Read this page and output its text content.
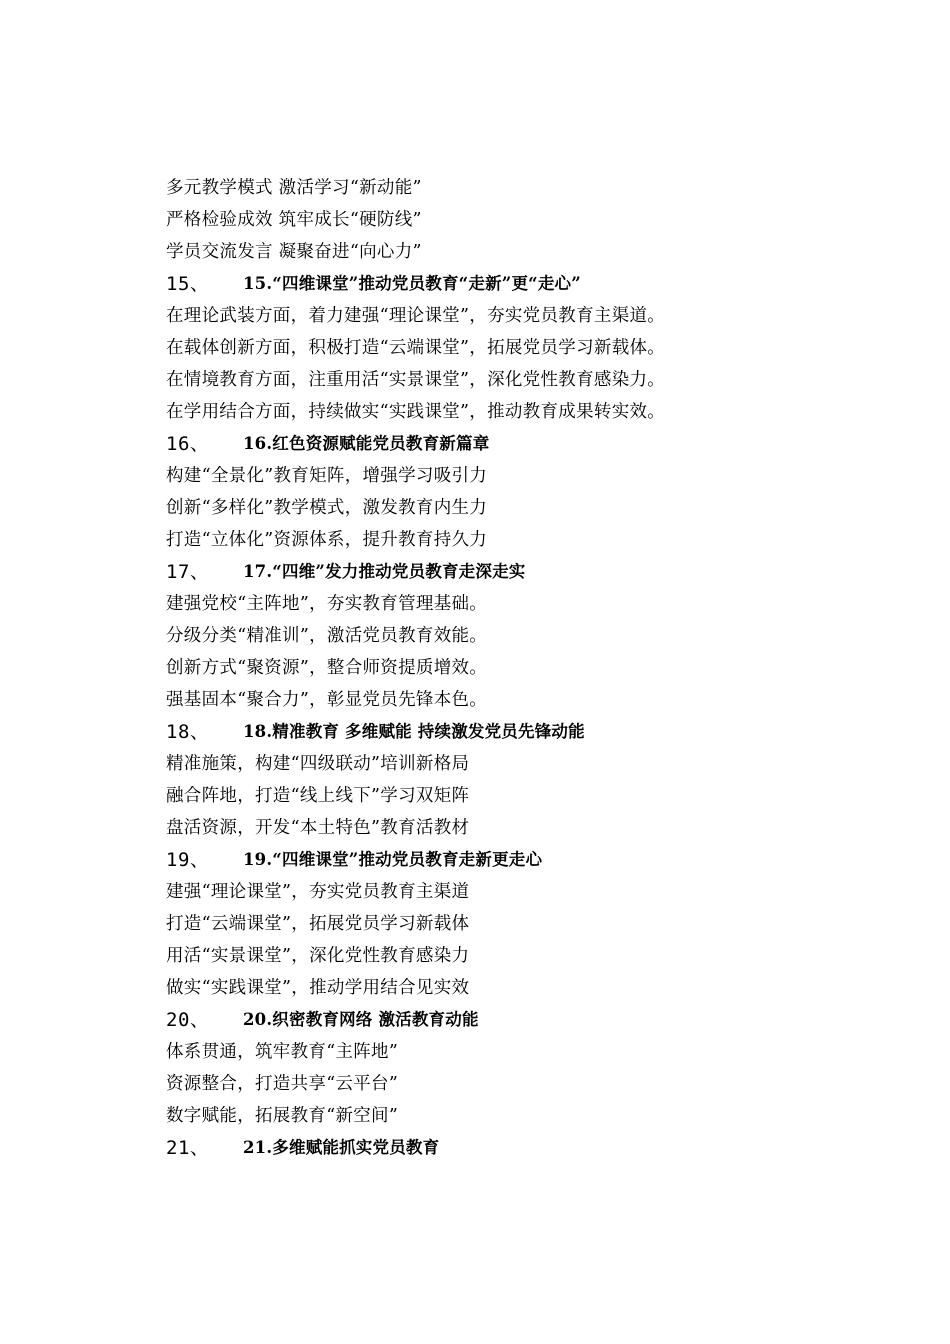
多元教学模式 激活学习“新动能”
严格检验成效 筑牢成长“硬防线”
学员交流发言 凝聚奋进“向心力”
15、	15.“四维课堂”推动党员教育“走新”更“走心”
在理论武装方面，着力建强“理论课堂”，夯实党员教育主渠道。
在载体创新方面，积极打造“云端课堂”，拓展党员学习新载体。
在情境教育方面，注重用活“实景课堂”，深化党性教育感染力。
在学用结合方面，持续做实“实践课堂”，推动教育成果转实效。
16、	16.红色资源赋能党员教育新篇章
构建“全景化”教育矩阵，增强学习吸引力
创新“多样化”教学模式，激发教育内生力
打造“立体化”资源体系，提升教育持久力
17、	17.“四维”发力推动党员教育走深走实
建强党校“主阵地”，夯实教育管理基础。
分级分类“精准训”，激活党员教育效能。
创新方式“聚资源”，整合师资提质增效。
强基固本“聚合力”，彰显党员先锋本色。
18、	18.精准教育 多维赋能 持续激发党员先锋动能
精准施策，构建“四级联动”培训新格局
融合阵地，打造“线上线下”学习双矩阵
盘活资源，开发“本土特色”教育活教材
19、	19.“四维课堂”推动党员教育走新更走心
建强“理论课堂”，夯实党员教育主渠道
打造“云端课堂”，拓展党员学习新载体
用活“实景课堂”，深化党性教育感染力
做实“实践课堂”，推动学用结合见实效
20、	20.织密教育网络 激活教育动能
体系贯通，筑牢教育“主阵地”
资源整合，打造共享“云平台”
数字赋能，拓展教育“新空间”
21、	21.多维赋能抓实党员教育
